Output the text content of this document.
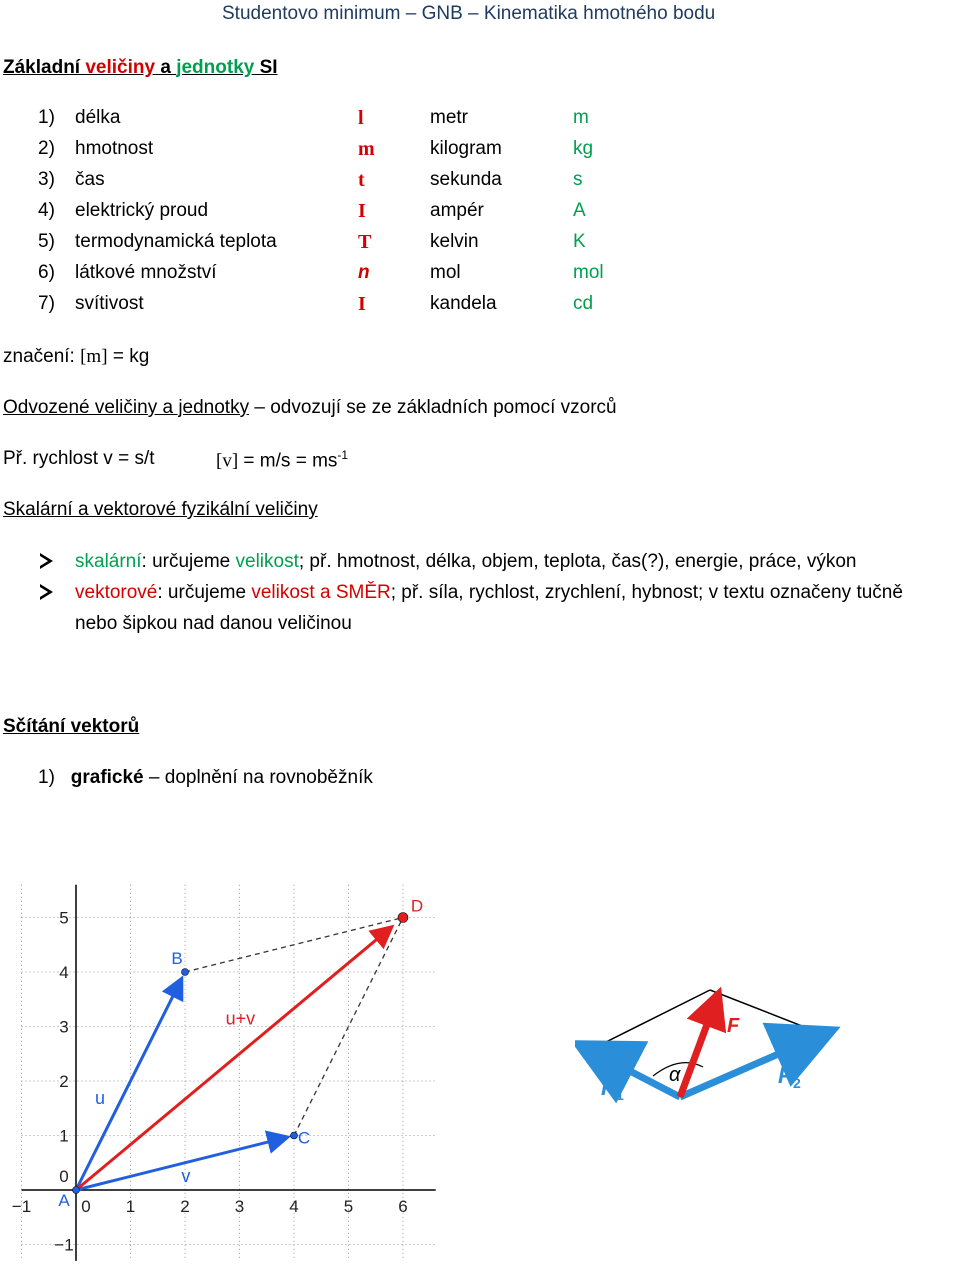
Studentovo minimum – GNB – Kinematika hmotného bodu
Základní veličiny a jednotky SI
1) délka	l	metr	m
2) hmotnost	m	kilogram	kg
3) čas	t	sekunda	s
4) elektrický proud	I	ampér	A
5) termodynamická teplota	T	kelvin	K
6) látkové množství	n	mol	mol
7) svítivost	I	kandela	cd
značení: [m] = kg
Odvozené veličiny a jednotky – odvozují se ze základních pomocí vzorců
Př. rychlost v = s/t	$[v] = m/s = ms^{-1}$
Skalární a vektorové fyzikální veličiny
skalární: určujeme velikost; př. hmotnost, délka, objem, teplota, čas(?), energie, práce, výkon
vektorové: určujeme velikost a SMĚR; př. síla, rychlost, zrychlení, hybnost; v textu označeny tučně
nebo šipkou nad danou veličinou
Sčítání vektorů
1) grafické – doplnění na rovnoběžník
−1	0 1	2	3	4	5	6
−1
0
1
2
3
4
5
u
v
u+v
A
B
C
D
F
α
F 1
F 2
